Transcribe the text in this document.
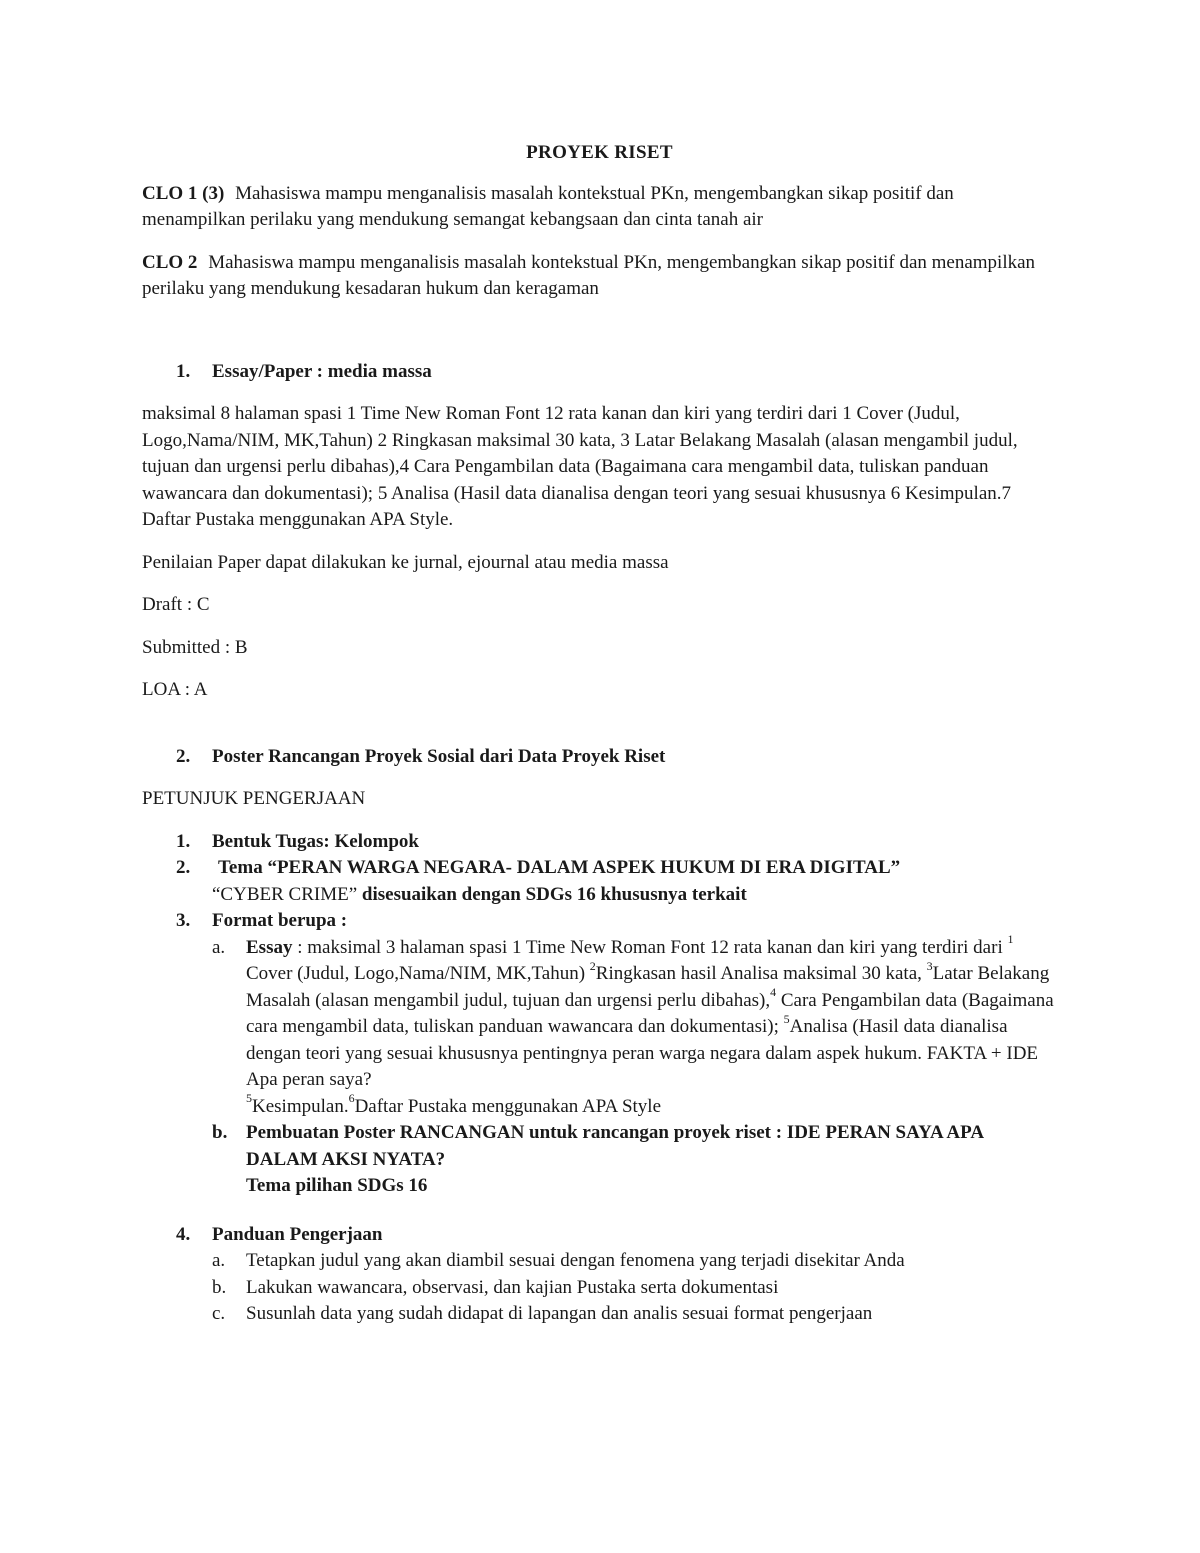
PROYEK RISET

CLO 1 (3) Mahasiswa mampu menganalisis masalah kontekstual PKn, mengembangkan sikap positif dan menampilkan perilaku yang mendukung semangat kebangsaan dan cinta tanah air

CLO 2 Mahasiswa mampu menganalisis masalah kontekstual PKn, mengembangkan sikap positif dan menampilkan perilaku yang mendukung kesadaran hukum dan keragaman

1. Essay/Paper : media massa

maksimal 8 halaman spasi 1 Time New Roman Font 12 rata kanan dan kiri yang terdiri dari 1 Cover (Judul, Logo,Nama/NIM, MK,Tahun) 2 Ringkasan maksimal 30 kata, 3 Latar Belakang Masalah (alasan mengambil judul, tujuan dan urgensi perlu dibahas),4 Cara Pengambilan data (Bagaimana cara mengambil data, tuliskan panduan wawancara dan dokumentasi); 5 Analisa (Hasil data dianalisa dengan teori yang sesuai khususnya 6 Kesimpulan.7 Daftar Pustaka menggunakan APA Style.

Penilaian Paper dapat dilakukan ke jurnal, ejournal atau media massa

Draft : C

Submitted : B

LOA : A

2. Poster Rancangan Proyek Sosial dari Data Proyek Riset

PETUNJUK PENGERJAAN

1. Bentuk Tugas: Kelompok
2. Tema “PERAN WARGA NEGARA- DALAM ASPEK HUKUM DI ERA DIGITAL”
“CYBER CRIME” disesuaikan dengan SDGs 16 khususnya terkait
3. Format berupa :
a. Essay : maksimal 3 halaman spasi 1 Time New Roman Font 12 rata kanan dan kiri yang terdiri dari $^1$ Cover (Judul, Logo,Nama/NIM, MK,Tahun) $^2$Ringkasan hasil Analisa maksimal 30 kata, $^3$Latar Belakang Masalah (alasan mengambil judul, tujuan dan urgensi perlu dibahas),$^4$ Cara Pengambilan data (Bagaimana cara mengambil data, tuliskan panduan wawancara dan dokumentasi); $^5$Analisa (Hasil data dianalisa dengan teori yang sesuai khususnya pentingnya peran warga negara dalam aspek hukum. FAKTA + IDE
Apa peran saya?
$^5$Kesimpulan.$^6$Daftar Pustaka menggunakan APA Style
b. Pembuatan Poster RANCANGAN untuk rancangan proyek riset : IDE PERAN SAYA APA DALAM AKSI NYATA?
Tema pilihan SDGs 16
4. Panduan Pengerjaan
a. Tetapkan judul yang akan diambil sesuai dengan fenomena yang terjadi disekitar Anda
b. Lakukan wawancara, observasi, dan kajian Pustaka serta dokumentasi
c. Susunlah data yang sudah didapat di lapangan dan analis sesuai format pengerjaan
